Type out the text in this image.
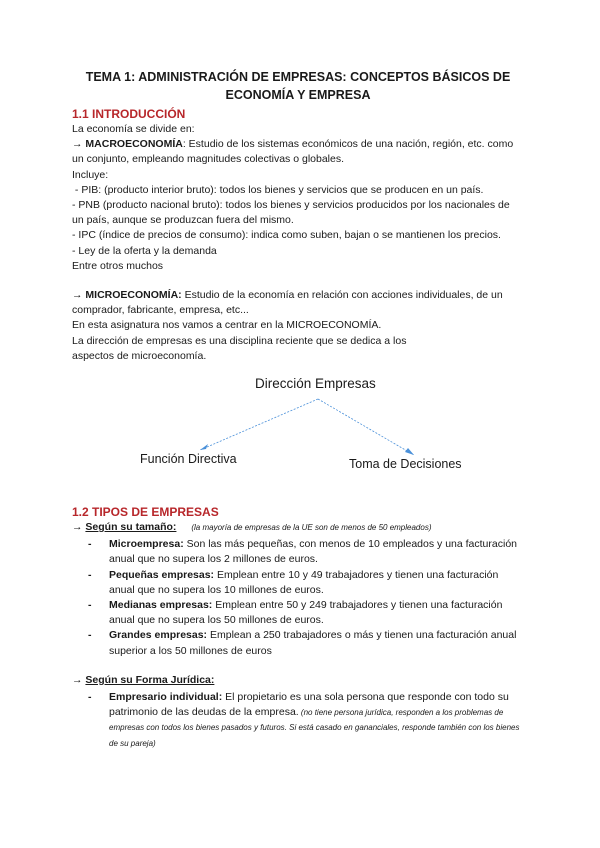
TEMA 1: ADMINISTRACIÓN DE EMPRESAS: CONCEPTOS BÁSICOS DE ECONOMÍA Y EMPRESA
1.1 INTRODUCCIÓN
La economía se divide en:
→ MACROECONOMÍA: Estudio de los sistemas económicos de una nación, región, etc. como un conjunto, empleando magnitudes colectivas o globales.
Incluye:
- PIB: (producto interior bruto): todos los bienes y servicios que se producen en un país.
- PNB (producto nacional bruto): todos los bienes y servicios producidos por los nacionales de un país, aunque se produzcan fuera del mismo.
- IPC (índice de precios de consumo): indica como suben, bajan o se mantienen los precios.
- Ley de la oferta y la demanda
Entre otros muchos
→ MICROECONOMÍA: Estudio de la economía en relación con acciones individuales, de un comprador, fabricante, empresa, etc...
En esta asignatura nos vamos a centrar en la MICROECONOMÍA.
La dirección de empresas es una disciplina reciente que se dedica a los
aspectos de microeconomía.
Dirección Empresas
Función Directiva	Toma de Decisiones
1.2 TIPOS DE EMPRESAS
→ Según su tamaño: (la mayoría de empresas de la UE son de menos de 50 empleados)
- Microempresa: Son las más pequeñas, con menos de 10 empleados y una facturación anual que no supera los 2 millones de euros.
- Pequeñas empresas: Emplean entre 10 y 49 trabajadores y tienen una facturación anual que no supera los 10 millones de euros.
- Medianas empresas: Emplean entre 50 y 249 trabajadores y tienen una facturación anual que no supera los 50 millones de euros.
- Grandes empresas: Emplean a 250 trabajadores o más y tienen una facturación anual superior a los 50 millones de euros
→ Según su Forma Jurídica:
- Empresario individual: El propietario es una sola persona que responde con todo su patrimonio de las deudas de la empresa. (no tiene persona jurídica, responden a los problemas de empresas con todos los bienes pasados y futuros. Si está casado en gananciales, responde también con los bienes de su pareja)
